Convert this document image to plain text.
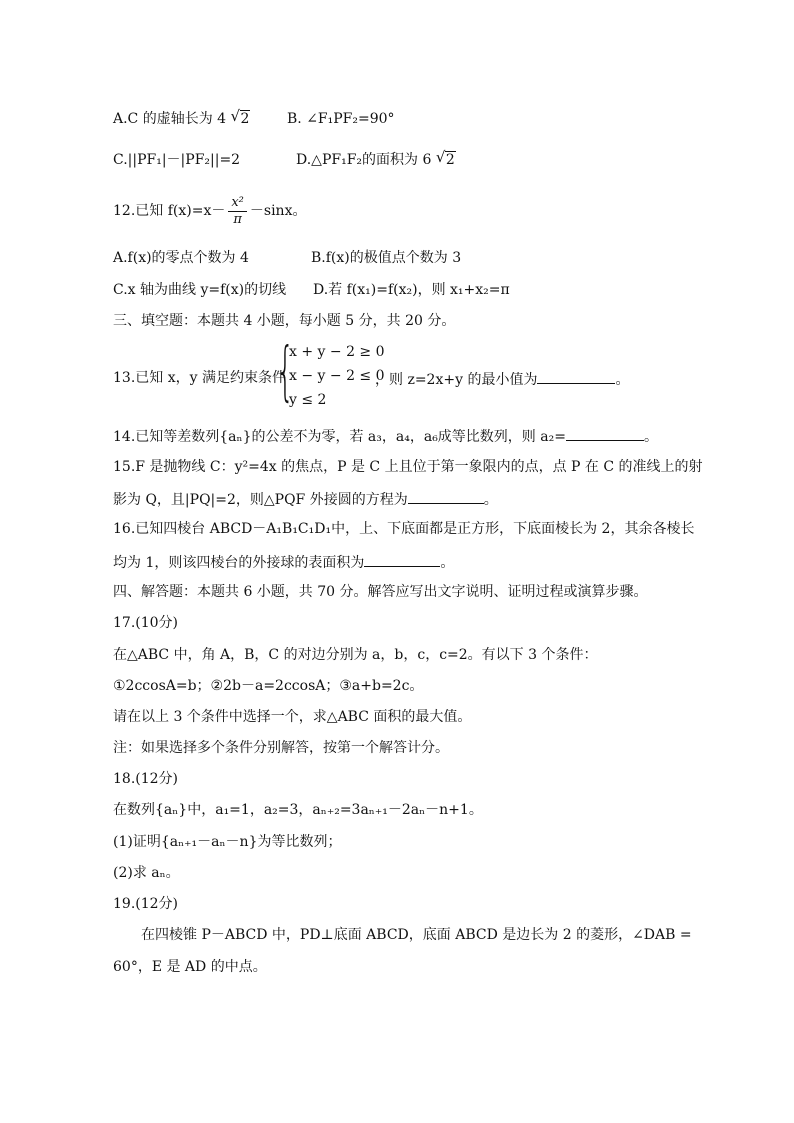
A.C 的虚轴长为 4 √ 2	B. ∠F₁PF₂=90°
C.||PF₁|－|PF₂||=2	D.△PF₁F₂的面积为 6 √ 2
12.已知 $f(x)=x- \frac{\text{x²}}{\pi} -\sin x$。
A.f(x)的零点个数为 4	B.f(x)的极值点个数为 3
C.x 轴为曲线 y=f(x)的切线 D.若 f(x₁)=f(x₂)，则 x₁+x₂=π
三、填空题：本题共 4 小题，每小题 5 分，共 20 分。
13.已知 x，y 满足约束条件
{
x + y − 2 ≥ 0
x − y − 2 ≤ 0
y ≤ 2
，则 z=2x+y 的最小值为	。
14.已知等差数列{aₙ}的公差不为零，若 a₃，a₄，a₆成等比数列，则 a₂=	。
15.F 是抛物线 C：y²=4x 的焦点，P 是 C 上且位于第一象限内的点，点 P 在 C 的准线上的射
影为 Q，且|PQ|=2，则△PQF 外接圆的方程为	。
16.已知四棱台 ABCD－A₁B₁C₁D₁中，上、下底面都是正方形，下底面棱长为 2，其余各棱长
均为 1，则该四棱台的外接球的表面积为	。
四、解答题：本题共 6 小题，共 70 分。解答应写出文字说明、证明过程或演算步骤。
17.(10分)
在△ABC 中，角 A，B，C 的对边分别为 a，b，c，c=2。有以下 3 个条件：
①2ccosA=b；②2b－a=2ccosA；③a+b=2c。
请在以上 3 个条件中选择一个，求△ABC 面积的最大值。
注：如果选择多个条件分别解答，按第一个解答计分。
18.(12分)
在数列{aₙ}中，a₁=1，a₂=3，aₙ₊₂=3aₙ₊₁－2aₙ－n+1。
(1)证明{aₙ₊₁－aₙ－n}为等比数列；
(2)求 aₙ。
19.(12分)
在四棱锥 P－ABCD 中，PD⊥底面 ABCD，底面 ABCD 是边长为 2 的菱形，∠DAB =
60°，E 是 AD 的中点。
